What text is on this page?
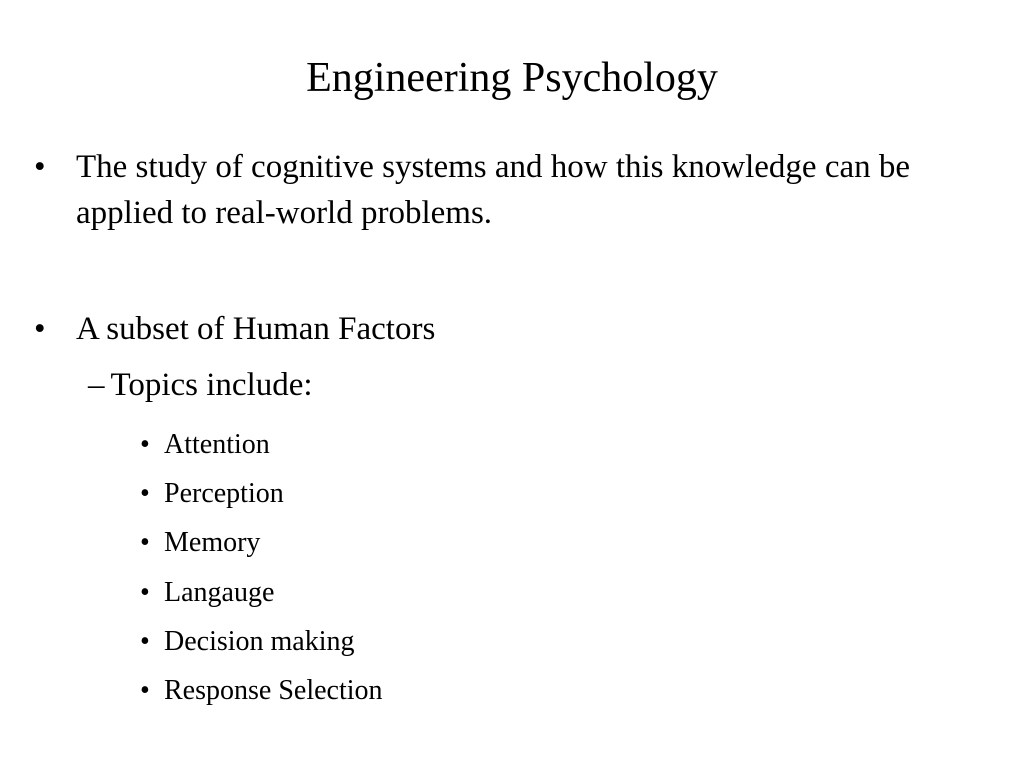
Engineering Psychology
• The study of cognitive systems and how this knowledge can be applied to real-world problems.
• A subset of Human Factors
– Topics include:
• Attention
• Perception
• Memory
• Langauge
• Decision making
• Response Selection
